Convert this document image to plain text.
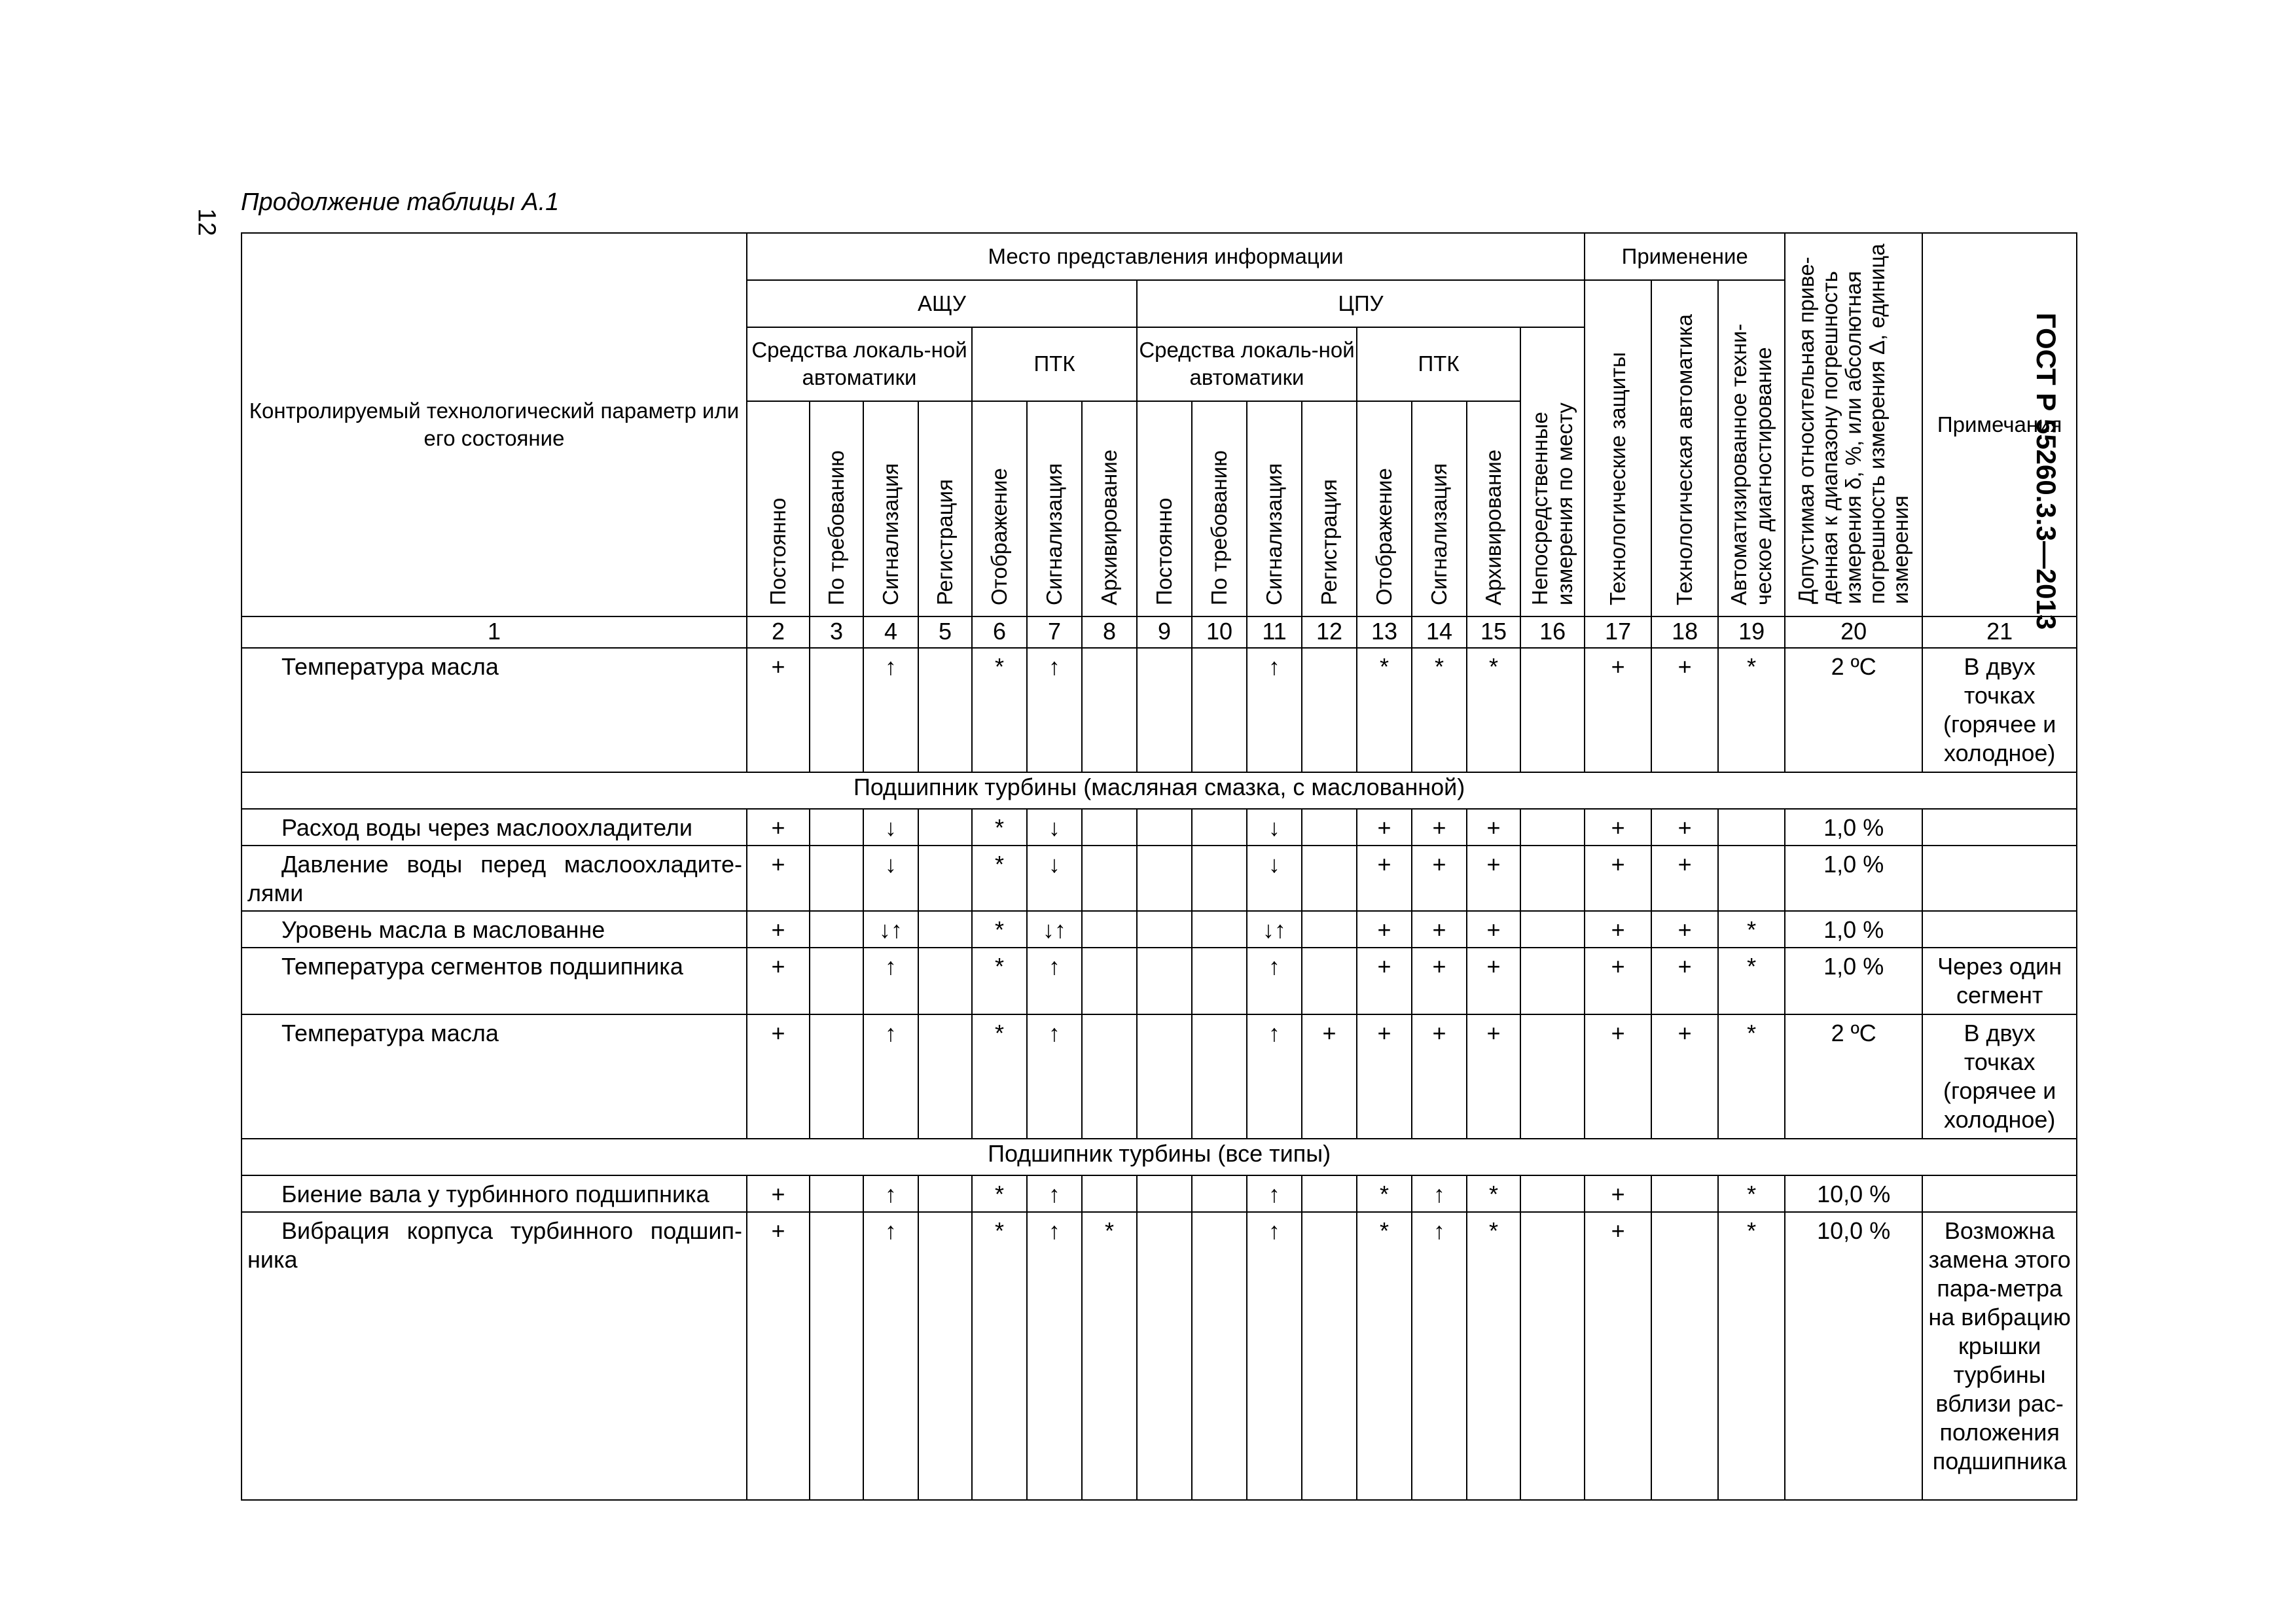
12
Продолжение таблицы А.1
ГОСТ Р 55260.3.3—2013
Контролируемый технологический параметр или его состояние	Место представления информации															Применение			Допустимая относительная приве-денная к диапазону погрешность измерения δ, %, или абсолютная погрешность измерения Δ, единица измерения	Примечания
	АЩУ							ЦПУ								Технологические защиты	Технологическая автоматика	Автоматизированное техни-ческое диагностирование		

	Средства локаль-ной автоматики				ПТК			Средства локаль-ной автоматики				ПТК			Непосредственные измерения по месту					

	Постоянно	По требованию	Сигнализация	Регистрация	Отображение	Сигнализация	Архивирование	Постоянно	По требованию	Сигнализация	Регистрация	Отображение	Сигнализация	Архивирование						

1	2	3	4	5	6	7	8	9	10	11	12	13	14	15	16	17	18	19	20	21
Температура масла	+		↑		*	↑				↑		*	*	*		+	+	*	2 ºС	В двух точках (горячее и холодное)
Подшипник турбины (масляная смазка, с маслованной)																				
Расход воды через маслоохладители	+		↓		*	↓				↓		+	+	+		+	+		1,0 %	
Давление воды перед маслоохладите-лями	+		↓		*	↓				↓		+	+	+		+	+		1,0 %	
Уровень масла в маслованне	+		↓↑		*	↓↑				↓↑		+	+	+		+	+	*	1,0 %	
Температура сегментов подшипника	+		↑		*	↑				↑		+	+	+		+	+	*	1,0 %	Через один сегмент
Температура масла	+		↑		*	↑				↑	+	+	+	+		+	+	*	2 ºС	В двух точках (горячее и холодное)
Подшипник турбины (все типы)																				
Биение вала у турбинного подшипника	+		↑		*	↑				↑		*	↑	*		+		*	10,0 %	
Вибрация корпуса турбинного подшип-ника	+		↑		*	↑	*			↑		*	↑	*		+		*	10,0 %	Возможна замена этого пара-метра на вибрацию крышки турбины вблизи рас-положения подшипника
